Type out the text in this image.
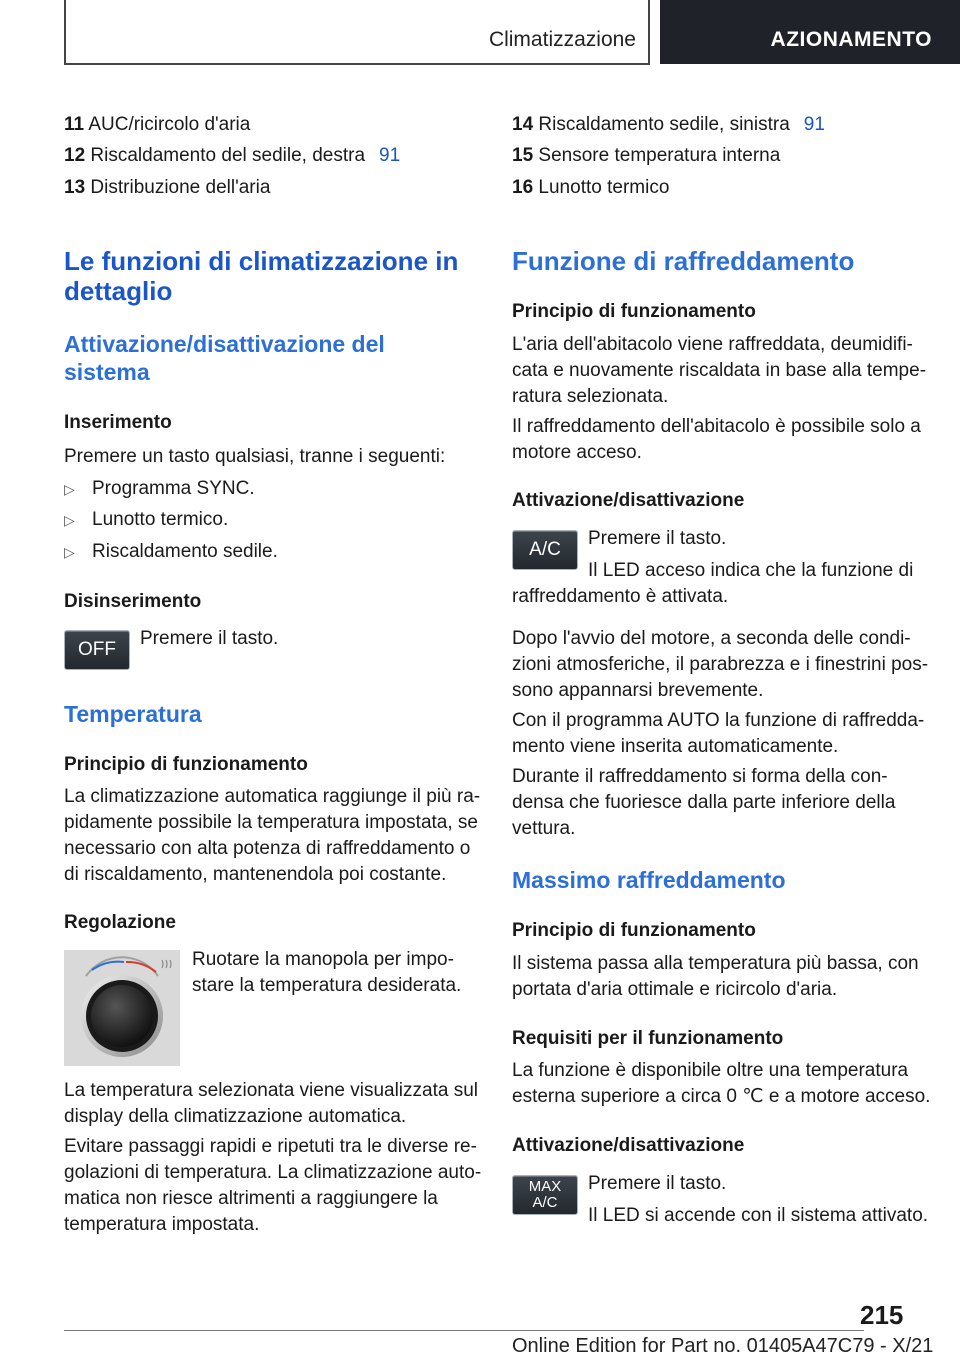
Climatizzazione	AZIONAMENTO
11 AUC/ricircolo d'aria
12 Riscaldamento del sedile, destra 91
13 Distribuzione dell'aria
Le funzioni di climatizzazione in
dettaglio
Attivazione/disattivazione del
sistema
Inserimento
Premere un tasto qualsiasi, tranne i seguenti:
▷ Programma SYNC.
▷ Lunotto termico.
▷ Riscaldamento sedile.
Disinserimento
OFF
Premere il tasto.
Temperatura
Principio di funzionamento
La climatizzazione automatica raggiunge il più ra-
pidamente possibile la temperatura impostata, se
necessario con alta potenza di raffreddamento o
di riscaldamento, mantenendola poi costante.
Regolazione
Ruotare la manopola per impo-
stare la temperatura desiderata.
La temperatura selezionata viene visualizzata sul
display della climatizzazione automatica.
Evitare passaggi rapidi e ripetuti tra le diverse re-
golazioni di temperatura. La climatizzazione auto-
matica non riesce altrimenti a raggiungere la
temperatura impostata.
14 Riscaldamento sedile, sinistra 91
15 Sensore temperatura interna
16 Lunotto termico
Funzione di raffreddamento
Principio di funzionamento
L'aria dell'abitacolo viene raffreddata, deumidifi-
cata e nuovamente riscaldata in base alla tempe-
ratura selezionata.
Il raffreddamento dell'abitacolo è possibile solo a
motore acceso.
Attivazione/disattivazione
A/C
Premere il tasto.
Il LED acceso indica che la funzione di
raffreddamento è attivata.
Dopo l'avvio del motore, a seconda delle condi-
zioni atmosferiche, il parabrezza e i finestrini pos-
sono appannarsi brevemente.
Con il programma AUTO la funzione di raffredda-
mento viene inserita automaticamente.
Durante il raffreddamento si forma della con-
densa che fuoriesce dalla parte inferiore della
vettura.
Massimo raffreddamento
Principio di funzionamento
Il sistema passa alla temperatura più bassa, con
portata d'aria ottimale e ricircolo d'aria.
Requisiti per il funzionamento
La funzione è disponibile oltre una temperatura
esterna superiore a circa 0 ℃ e a motore acceso.
Attivazione/disattivazione
MAX
A/C
Premere il tasto.
Il LED si accende con il sistema attivato.
215
Online Edition for Part no. 01405A47C79 - X/21
